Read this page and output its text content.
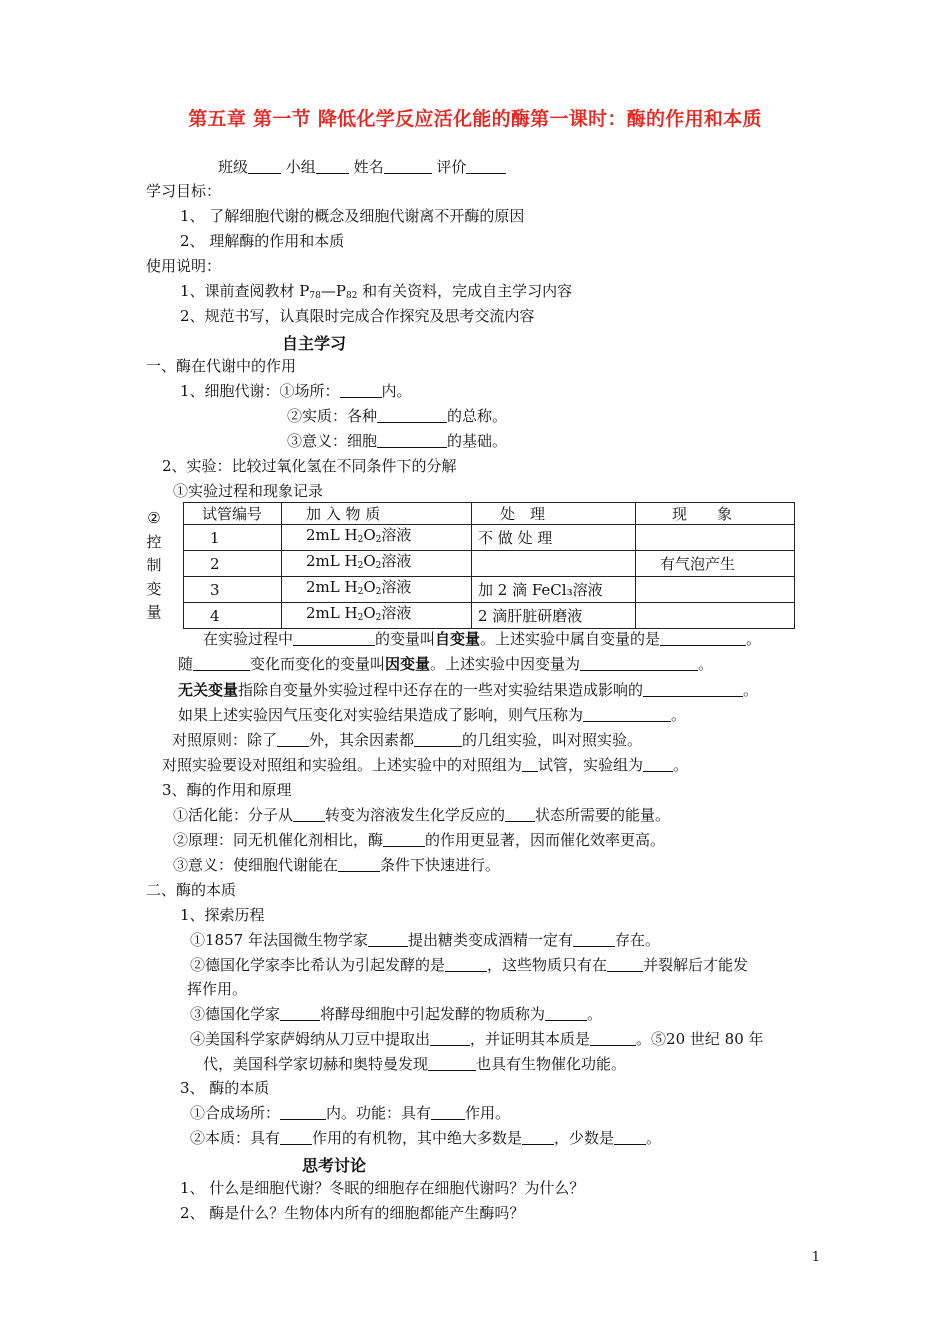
第五章 第一节 降低化学反应活化能的酶第一课时：酶的作用和本质
班级	小组	姓名	评价
学习目标：
1、 了解细胞代谢的概念及细胞代谢离不开酶的原因
2、 理解酶的作用和本质
使用说明：
1、课前查阅教材 $P_{78}—P_{82}$ 和有关资料，完成自主学习内容
2、规范书写，认真限时完成合作探究及思考交流内容
自主学习
一、酶在代谢中的作用
1、细胞代谢：①场所：	内。
②实质：各种	的总称。
③意义：细胞	的基础。
2、实验：比较过氧化氢在不同条件下的分解
①实验过程和现象记录
②
控
制
变
量
试管编号	加 入 物 质	处　理	现　　象
1	2mL $H_2O_2$溶液	不 做 处 理	
2	2mL $H_2O_2$溶液		有气泡产生
3	2mL $H_2O_2$溶液	加 2 滴 FeCl₃溶液	
4	2mL $H_2O_2$溶液	2 滴肝脏研磨液	
在实验过程中	的变量叫自变量。上述实验中属自变量的是	。
随	变化而变化的变量叫因变量。上述实验中因变量为	。
无关变量指除自变量外实验过程中还存在的一些对实验结果造成影响的	。
如果上述实验因气压变化对实验结果造成了影响，则气压称为	。
对照原则：除了 外，其余因素都	的几组实验，叫对照实验。
对照实验要设对照组和实验组。上述实验中的对照组为 试管，实验组为 。
3、酶的作用和原理
①活化能：分子从 转变为溶液发生化学反应的 状态所需要的能量。
②原理：同无机催化剂相比，酶	的作用更显著，因而催化效率更高。
③意义：使细胞代谢能在	条件下快速进行。
二、酶的本质
1、探索历程
①1857 年法国微生物学家	提出糖类变成酒精一定有	存在。
②德国化学家李比希认为引起发酵的是	，这些物质只有在 并裂解后才能发
挥作用。
③德国化学家	将酵母细胞中引起发酵的物质称为	。
④美国科学家萨姆纳从刀豆中提取出	，并证明其本质是	。⑤20 世纪 80 年
代，美国科学家切赫和奥特曼发现	也具有生物催化功能。
3、 酶的本质
①合成场所：	内。功能：具有 作用。
②本质：具有 作用的有机物，其中绝大多数是 ，少数是 。
思考讨论
1、 什么是细胞代谢？冬眠的细胞存在细胞代谢吗？为什么？
2、 酶是什么？生物体内所有的细胞都能产生酶吗？
1
